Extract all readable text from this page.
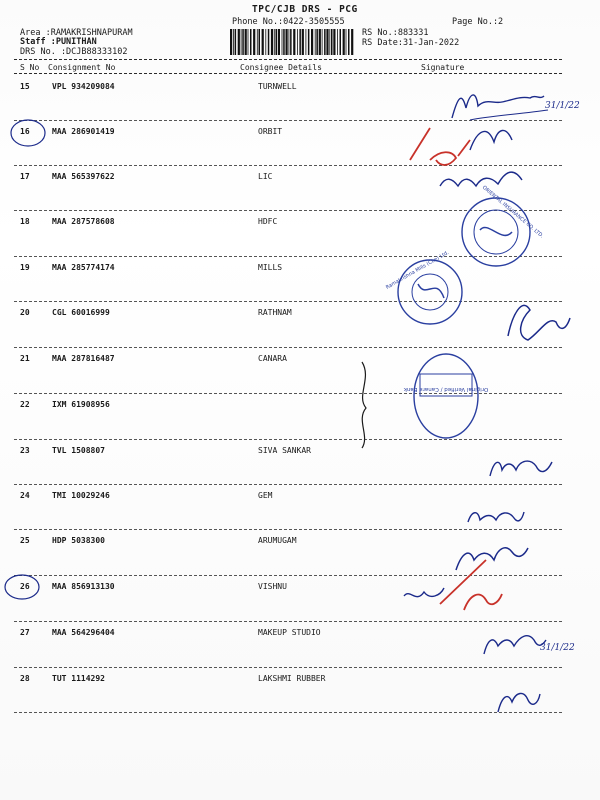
TPC/CJB DRS - PCG
Phone No.:0422-3505555	Page No.:2
Area :RAMAKRISHNAPURAM
Staff :PUNITHAN
DRS No. :DCJB88333102
RS No.:883331
RS Date:31-Jan-2022
S No Consignment No	Consignee Details	Signature
15	VPL 934209084	TURNWELL
16	MAA 286901419	ORBIT
17	MAA 565397622	LIC
18	MAA 287578608	HDFC
19	MAA 285774174	MILLS
20	CGL 60016999	RATHNAM
21	MAA 287816487	CANARA
22	IXM 61908956
23	TVL 1508807	SIVA SANKAR
24	TMI 10029246	GEM
25	HDP 5038300	ARUMUGAM
26	MAA 856913130	VISHNU
27	MAA 564296404	MAKEUP STUDIO
28	TUT 1114292	LAKSHMI RUBBER
31/1/22
ORIENTAL INSURANCE CO. LTD.
Ramakrishna Mills (Cbe) Ltd.
Original Verified / Canara Bank
31/1/22
